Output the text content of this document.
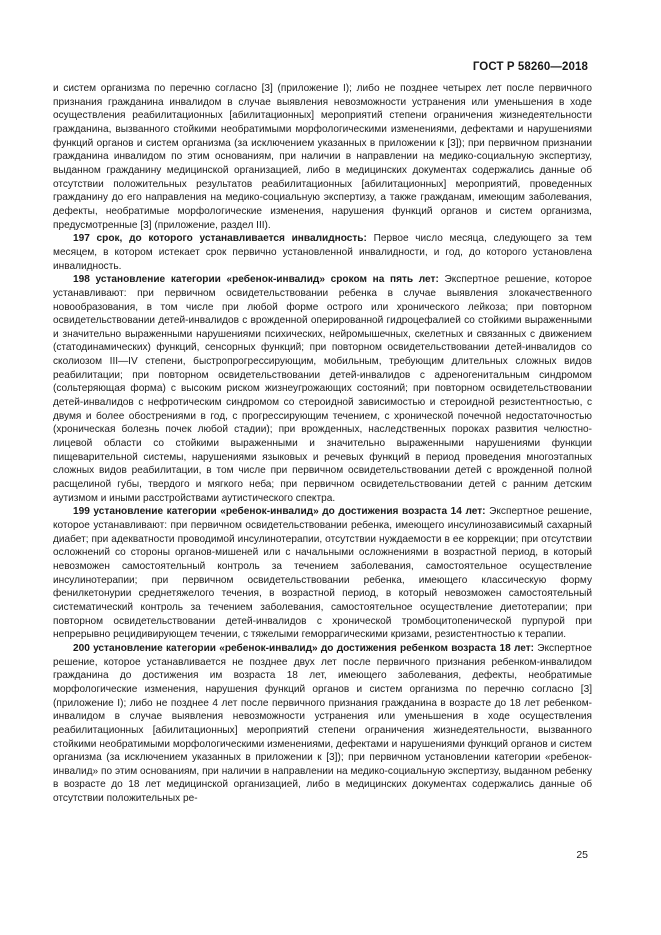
ГОСТ Р 58260—2018

и систем организма по перечню согласно [3] (приложение I); либо не позднее четырех лет после первичного признания гражданина инвалидом в случае выявления невозможности устранения или уменьшения в ходе осуществления реабилитационных [абилитационных] мероприятий степени ограничения жизнедеятельности гражданина, вызванного стойкими необратимыми морфологическими изменениями, дефектами и нарушениями функций органов и систем организма (за исключением указанных в приложении к [3]); при первичном признании гражданина инвалидом по этим основаниям, при наличии в направлении на медико-социальную экспертизу, выданном гражданину медицинской организацией, либо в медицинских документах содержались данные об отсутствии положительных результатов реабилитационных [абилитационных] мероприятий, проведенных гражданину до его направления на медико-социальную экспертизу, а также гражданам, имеющим заболевания, дефекты, необратимые морфологические изменения, нарушения функций органов и систем организма, предусмотренные [3] (приложение, раздел III).

197 срок, до которого устанавливается инвалидность: Первое число месяца, следующего за тем месяцем, в котором истекает срок первично установленной инвалидности, и год, до которого установлена инвалидность.

198 установление категории «ребенок-инвалид» сроком на пять лет: Экспертное решение, которое устанавливают: при первичном освидетельствовании ребенка в случае выявления злокачественного новообразования, в том числе при любой форме острого или хронического лейкоза; при повторном освидетельствовании детей-инвалидов с врожденной оперированной гидроцефалией со стойкими выраженными и значительно выраженными нарушениями психических, нейромышечных, скелетных и связанных с движением (статодинамических) функций, сенсорных функций; при повторном освидетельствовании детей-инвалидов со сколиозом III—IV степени, быстропрогрессирующим, мобильным, требующим длительных сложных видов реабилитации; при повторном освидетельствовании детей-инвалидов с адреногенитальным синдромом (сольтеряющая форма) с высоким риском жизнеугрожающих состояний; при повторном освидетельствовании детей-инвалидов с нефротическим синдромом со стероидной зависимостью и стероидной резистентностью, с двумя и более обострениями в год, с прогрессирующим течением, с хронической почечной недостаточностью (хроническая болезнь почек любой стадии); при врожденных, наследственных пороках развития челюстно-лицевой области со стойкими выраженными и значительно выраженными нарушениями функции пищеварительной системы, нарушениями языковых и речевых функций в период проведения многоэтапных сложных видов реабилитации, в том числе при первичном освидетельствовании детей с врожденной полной расщелиной губы, твердого и мягкого неба; при первичном освидетельствовании детей с ранним детским аутизмом и иными расстройствами аутистического спектра.

199 установление категории «ребенок-инвалид» до достижения возраста 14 лет: Экспертное решение, которое устанавливают: при первичном освидетельствовании ребенка, имеющего инсулинозависимый сахарный диабет; при адекватности проводимой инсулинотерапии, отсутствии нуждаемости в ее коррекции; при отсутствии осложнений со стороны органов-мишеней или с начальными осложнениями в возрастной период, в который невозможен самостоятельный контроль за течением заболевания, самостоятельное осуществление инсулинотерапии; при первичном освидетельствовании ребенка, имеющего классическую форму фенилкетонурии среднетяжелого течения, в возрастной период, в который невозможен самостоятельный систематический контроль за течением заболевания, самостоятельное осуществление диетотерапии; при повторном освидетельствовании детей-инвалидов с хронической тромбоцитопенической пурпурой при непрерывно рецидивирующем течении, с тяжелыми геморрагическими кризами, резистентностью к терапии.

200 установление категории «ребенок-инвалид» до достижения ребенком возраста 18 лет: Экспертное решение, которое устанавливается не позднее двух лет после первичного признания ребенком-инвалидом гражданина до достижения им возраста 18 лет, имеющего заболевания, дефекты, необратимые морфологические изменения, нарушения функций органов и систем организма по перечню согласно [3] (приложение I); либо не позднее 4 лет после первичного признания гражданина в возрасте до 18 лет ребенком-инвалидом в случае выявления невозможности устранения или уменьшения в ходе осуществления реабилитационных [абилитационных] мероприятий степени ограничения жизнедеятельности, вызванного стойкими необратимыми морфологическими изменениями, дефектами и нарушениями функций органов и систем организма (за исключением указанных в приложении к [3]); при первичном установлении категории «ребенок-инвалид» по этим основаниям, при наличии в направлении на медико-социальную экспертизу, выданном ребенку в возрасте до 18 лет медицинской организацией, либо в медицинских документах содержались данные об отсутствии положительных ре-

25
